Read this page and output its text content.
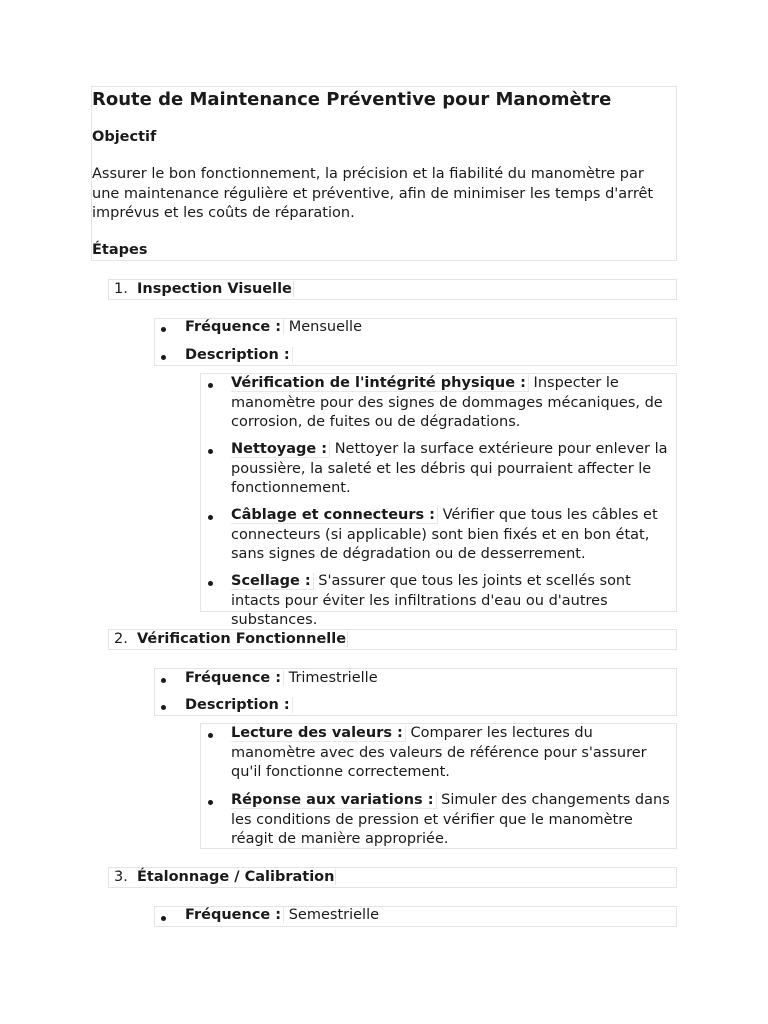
Route de Maintenance Préventive pour Manomètre
Objectif
Assurer le bon fonctionnement, la précision et la fiabilité du manomètre par une maintenance régulière et préventive, afin de minimiser les temps d'arrêt imprévus et les coûts de réparation.
Étapes
1. Inspection Visuelle
Fréquence : Mensuelle
Description :
Vérification de l'intégrité physique : Inspecter le manomètre pour des signes de dommages mécaniques, de corrosion, de fuites ou de dégradations.
Nettoyage : Nettoyer la surface extérieure pour enlever la poussière, la saleté et les débris qui pourraient affecter le fonctionnement.
Câblage et connecteurs : Vérifier que tous les câbles et connecteurs (si applicable) sont bien fixés et en bon état, sans signes de dégradation ou de desserrement.
Scellage : S'assurer que tous les joints et scellés sont intacts pour éviter les infiltrations d'eau ou d'autres substances.
2. Vérification Fonctionnelle
Fréquence : Trimestrielle
Description :
Lecture des valeurs : Comparer les lectures du manomètre avec des valeurs de référence pour s'assurer qu'il fonctionne correctement.
Réponse aux variations : Simuler des changements dans les conditions de pression et vérifier que le manomètre réagit de manière appropriée.
3. Étalonnage / Calibration
Fréquence : Semestrielle
